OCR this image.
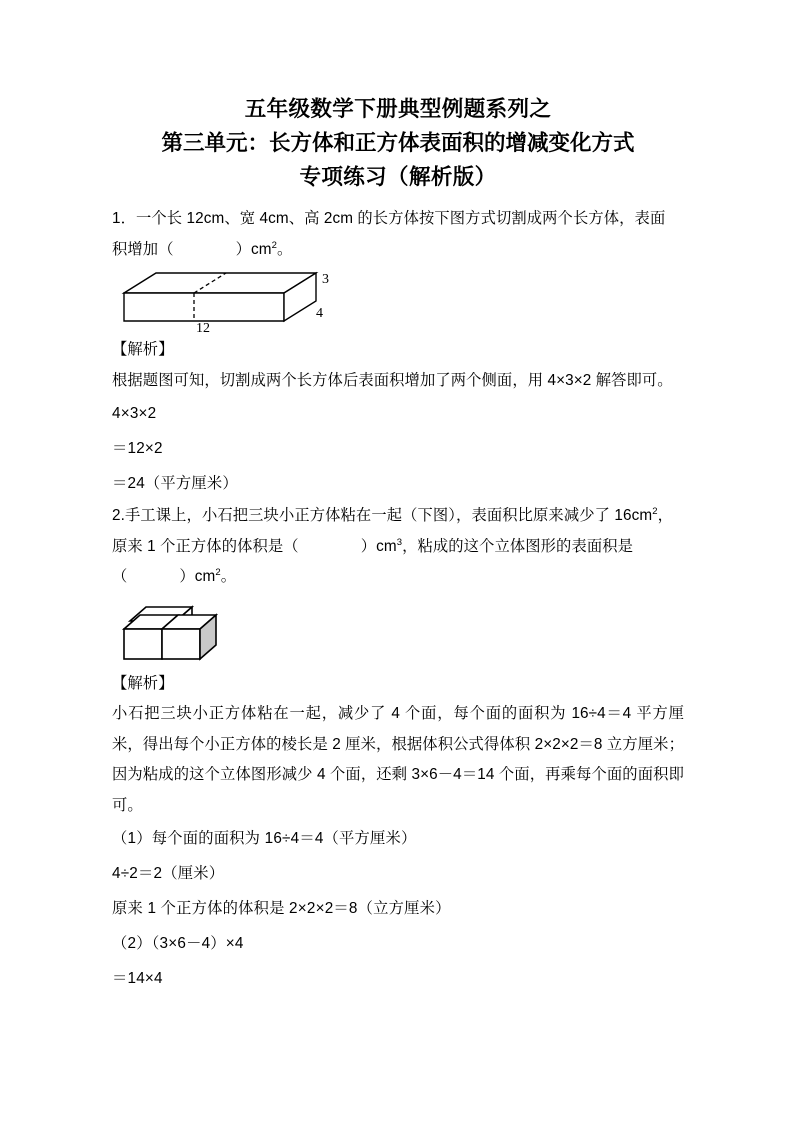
五年级数学下册典型例题系列之
第三单元：长方体和正方体表面积的增减变化方式
专项练习（解析版）
1．一个长 12cm、宽 4cm、高 2cm 的长方体按下图方式切割成两个长方体，表面
积增加（	）$cm^2$。
3
4
12
【解析】
根据题图可知，切割成两个长方体后表面积增加了两个侧面，用 4×3×2 解答即可。
4×3×2
＝12×2
＝24（平方厘米）
2.手工课上，小石把三块小正方体粘在一起（下图），表面积比原来减少了 $16cm^2$，
原来 1 个正方体的体积是（	）$cm^3$，粘成的这个立体图形的表面积是
（	）$cm^2$。
【解析】
小石把三块小正方体粘在一起，减少了 4 个面，每个面的面积为 16÷4＝4 平方厘米，得出每个小正方体的棱长是 2 厘米，根据体积公式得体积 2×2×2＝8 立方厘米；因为粘成的这个立体图形减少 4 个面，还剩 3×6－4＝14 个面，再乘每个面的面积即可。
（1）每个面的面积为 16÷4＝4（平方厘米）
4÷2＝2（厘米）
原来 1 个正方体的体积是 2×2×2＝8（立方厘米）
（2）（3×6－4）×4
＝14×4
